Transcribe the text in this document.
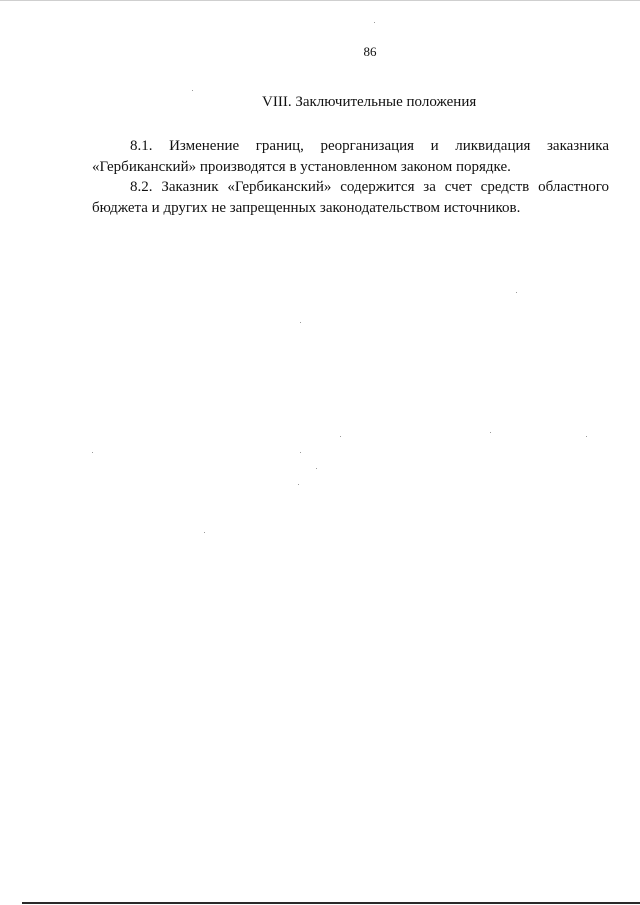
86
VIII. Заключительные положения

8.1. Изменение границ, реорганизация и ликвидация заказника «Гербиканский» производятся в установленном законом порядке.

8.2. Заказник «Гербиканский» содержится за счет средств областного бюджета и других не запрещенных законодательством источников.
